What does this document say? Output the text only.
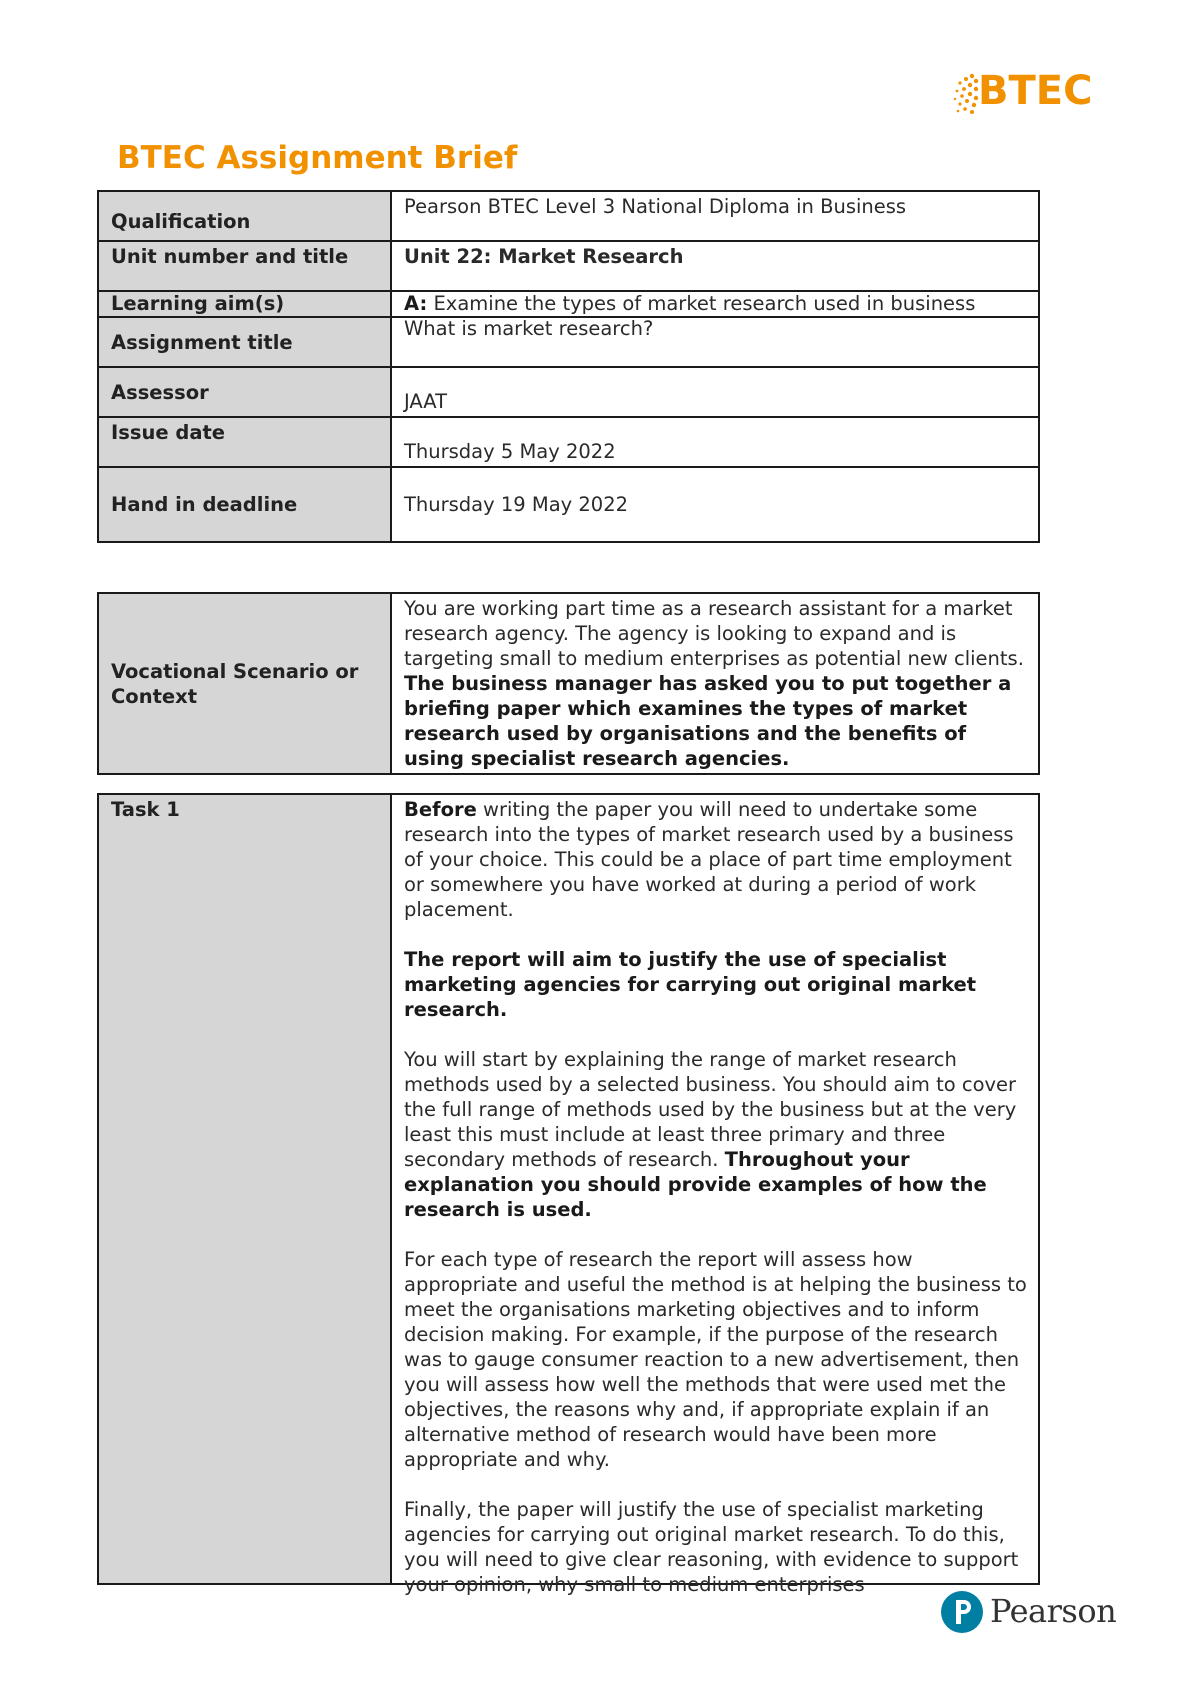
BTEC
BTEC Assignment Brief
Qualification	Pearson BTEC Level 3 National Diploma in Business
Unit number and title	Unit 22: Market Research
Learning aim(s)	A: Examine the types of market research used in business
Assignment title	What is market research?
Assessor	JAAT
Issue date	Thursday 5 May 2022
Hand in deadline	Thursday 19 May 2022
Vocational Scenario or Context	You are working part time as a research assistant for a market research agency. The agency is looking to expand and is targeting small to medium enterprises as potential new clients. The business manager has asked you to put together a briefing paper which examines the types of market research used by organisations and the benefits of using specialist research agencies.
Task 1	Before writing the paper you will need to undertake some research into the types of market research used by a business of your choice. This could be a place of part time employment or somewhere you have worked at during a period of work placement.

The report will aim to justify the use of specialist marketing agencies for carrying out original market research.

You will start by explaining the range of market research methods used by a selected business. You should aim to cover the full range of methods used by the business but at the very least this must include at least three primary and three secondary methods of research. Throughout your explanation you should provide examples of how the research is used.

For each type of research the report will assess how appropriate and useful the method is at helping the business to meet the organisations marketing objectives and to inform decision making. For example, if the purpose of the research was to gauge consumer reaction to a new advertisement, then you will assess how well the methods that were used met the objectives, the reasons why and, if appropriate explain if an alternative method of research would have been more appropriate and why.

Finally, the paper will justify the use of specialist marketing agencies for carrying out original market research. To do this, you will need to give clear reasoning, with evidence to support your opinion, why small to medium enterprises

Pearson
